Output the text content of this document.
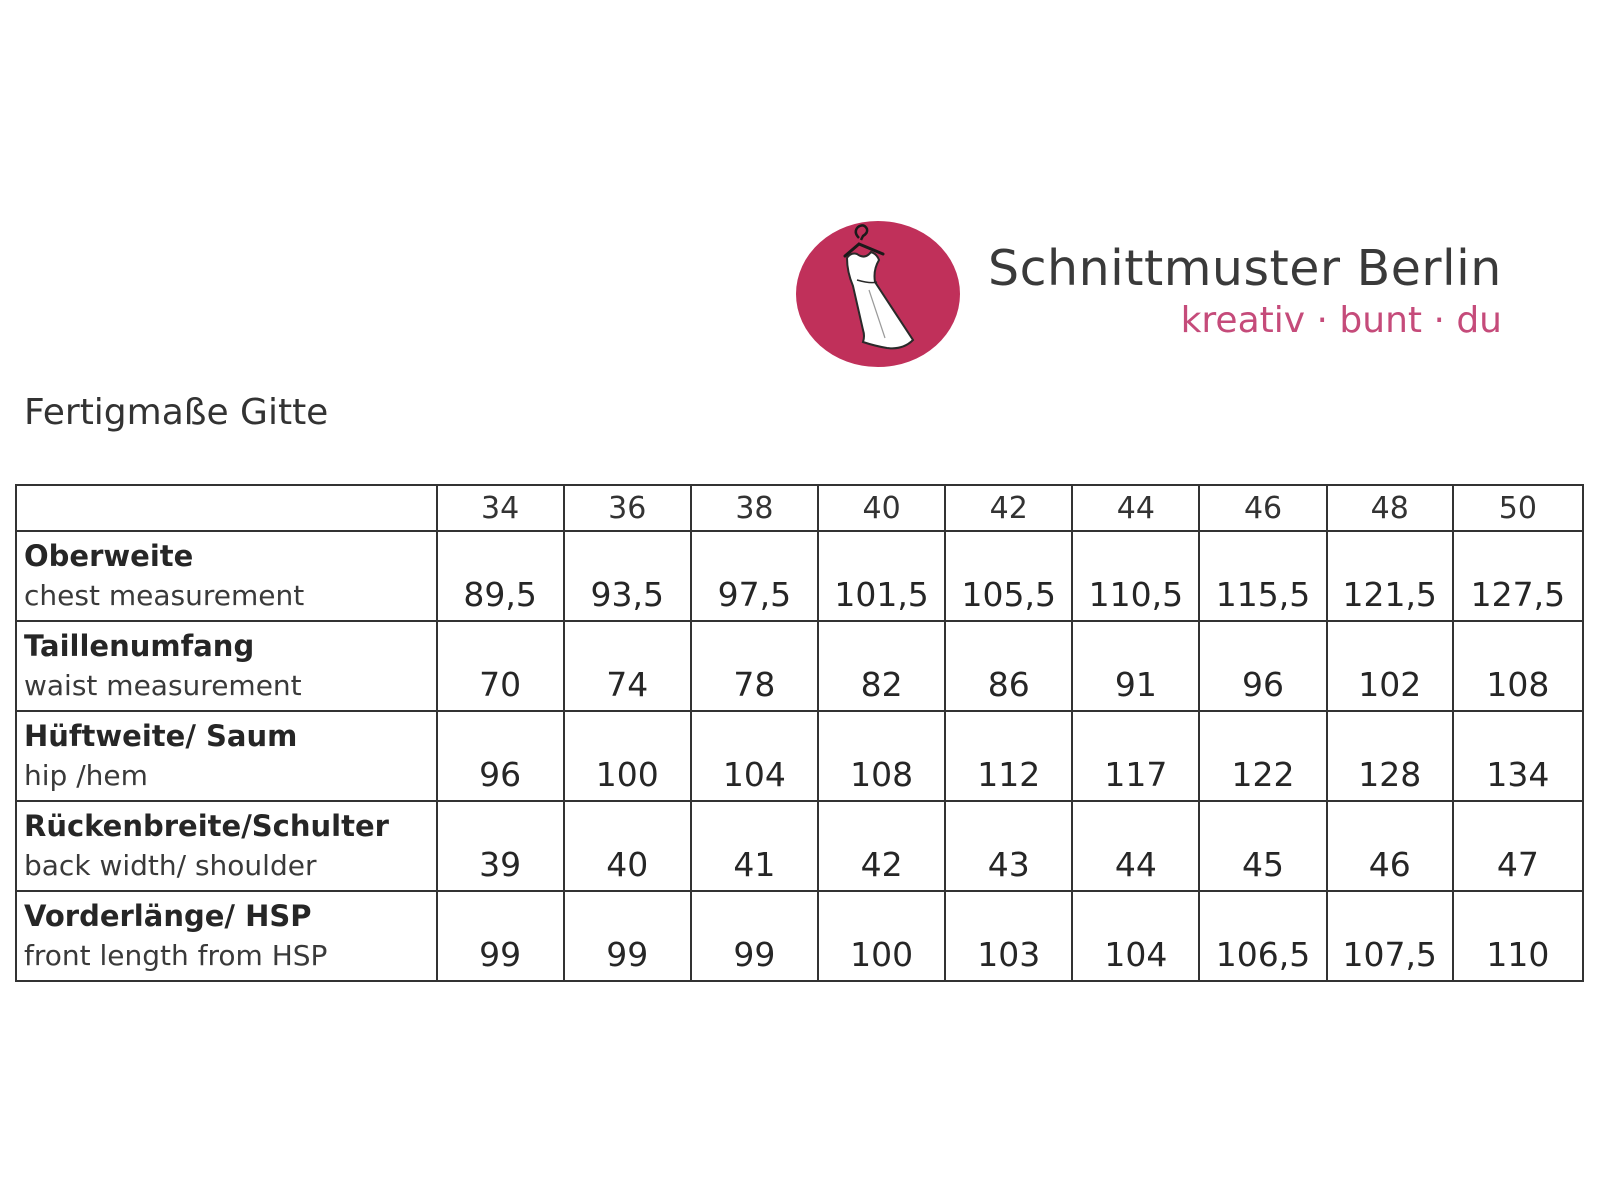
Schnittmuster Berlin
kreativ · bunt · du
Fertigmaße Gitte
	34	36	38	40	42	44	46	48	50

Oberweite
chest measurement	89,5	93,5	97,5	101,5	105,5	110,5	115,5	121,5	127,5

Taillenumfang
waist measurement	70	74	78	82	86	91	96	102	108

Hüftweite/ Saum
hip /hem	96	100	104	108	112	117	122	128	134

Rückenbreite/Schulter
back width/ shoulder	39	40	41	42	43	44	45	46	47

Vorderlänge/ HSP
front length from HSP	99	99	99	100	103	104	106,5	107,5	110
